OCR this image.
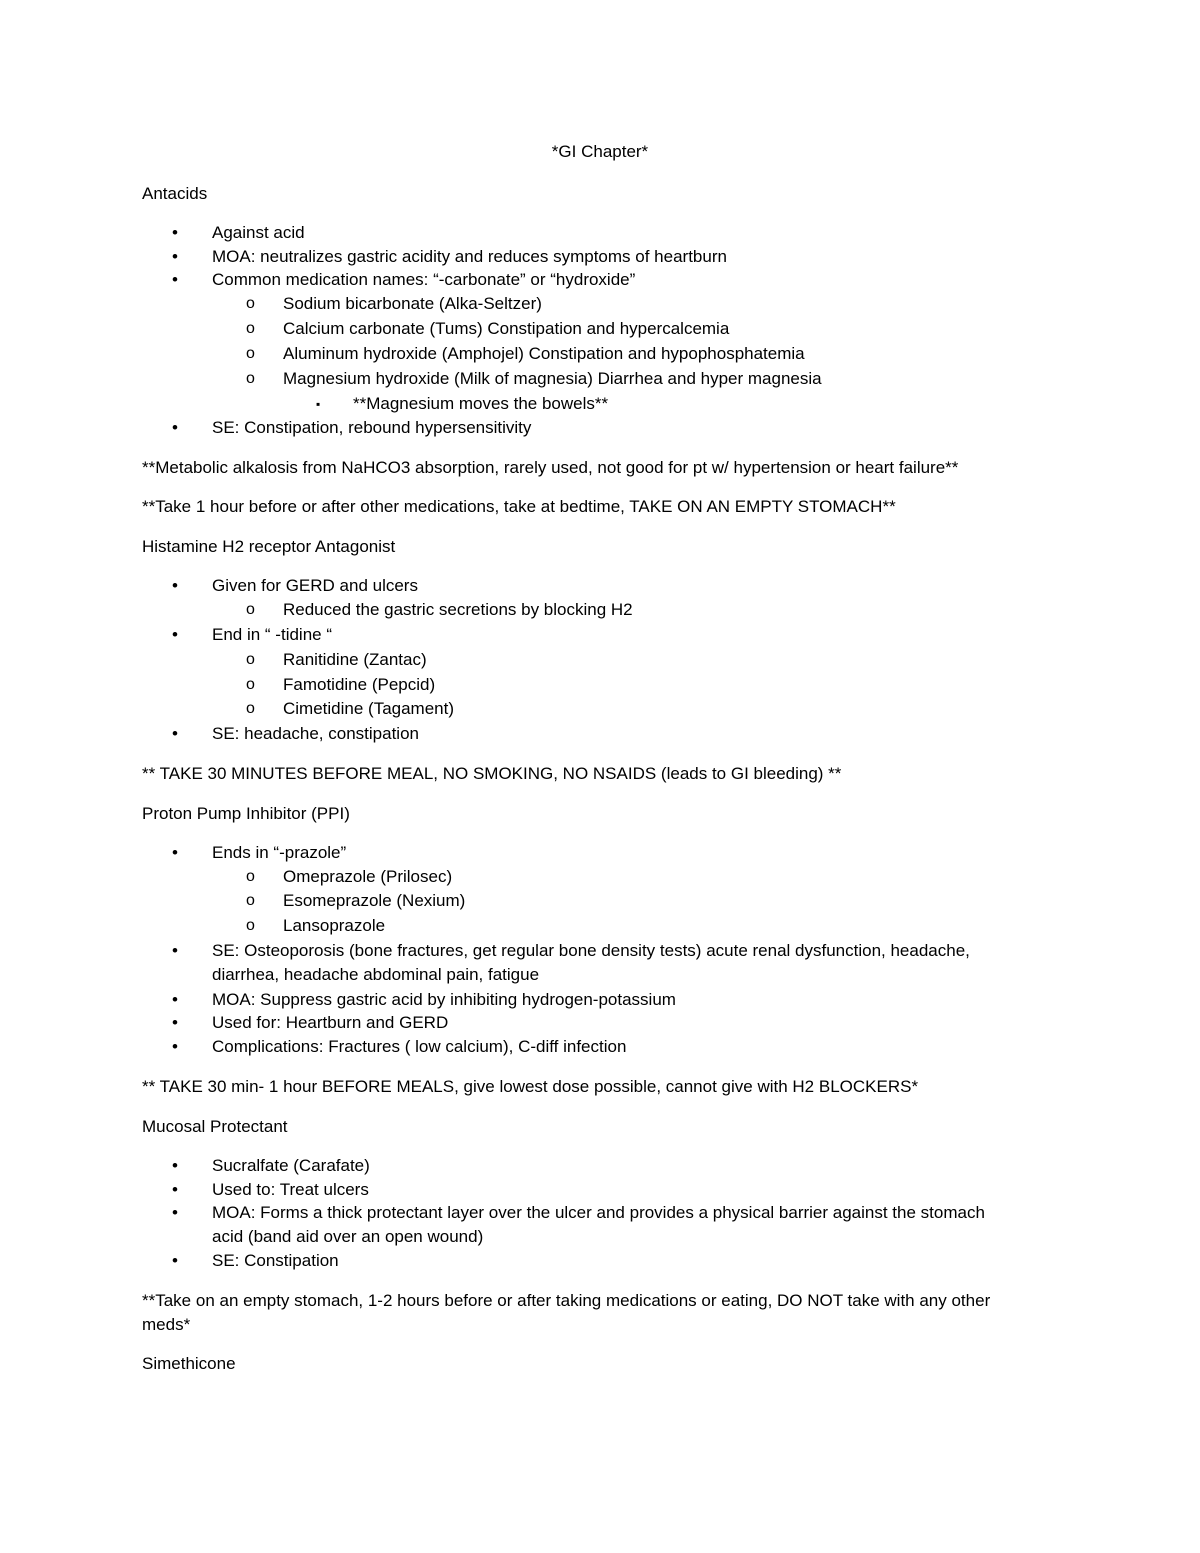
*GI Chapter*
Antacids
• Against acid
• MOA: neutralizes gastric acidity and reduces symptoms of heartburn
• Common medication names: “-carbonate” or “hydroxide”
o Sodium bicarbonate (Alka-Seltzer)
o Calcium carbonate (Tums) Constipation and hypercalcemia
o Aluminum hydroxide (Amphojel) Constipation and hypophosphatemia
o Magnesium hydroxide (Milk of magnesia) Diarrhea and hyper magnesia
▪ **Magnesium moves the bowels**
• SE: Constipation, rebound hypersensitivity
**Metabolic alkalosis from NaHCO3 absorption, rarely used, not good for pt w/ hypertension or heart failure**
**Take 1 hour before or after other medications, take at bedtime, TAKE ON AN EMPTY STOMACH**
Histamine H2 receptor Antagonist
• Given for GERD and ulcers
o Reduced the gastric secretions by blocking H2
• End in “ -tidine “
o Ranitidine (Zantac)
o Famotidine (Pepcid)
o Cimetidine (Tagament)
• SE: headache, constipation
** TAKE 30 MINUTES BEFORE MEAL, NO SMOKING, NO NSAIDS (leads to GI bleeding) **
Proton Pump Inhibitor (PPI)
• Ends in “-prazole”
o Omeprazole (Prilosec)
o Esomeprazole (Nexium)
o Lansoprazole
• SE: Osteoporosis (bone fractures, get regular bone density tests) acute renal dysfunction, headache,
diarrhea, headache abdominal pain, fatigue
• MOA: Suppress gastric acid by inhibiting hydrogen-potassium
• Used for: Heartburn and GERD
• Complications: Fractures ( low calcium), C-diff infection
** TAKE 30 min- 1 hour BEFORE MEALS, give lowest dose possible, cannot give with H2 BLOCKERS*
Mucosal Protectant
• Sucralfate (Carafate)
• Used to: Treat ulcers
• MOA: Forms a thick protectant layer over the ulcer and provides a physical barrier against the stomach
acid (band aid over an open wound)
• SE: Constipation
**Take on an empty stomach, 1-2 hours before or after taking medications or eating, DO NOT take with any other
meds*
Simethicone
